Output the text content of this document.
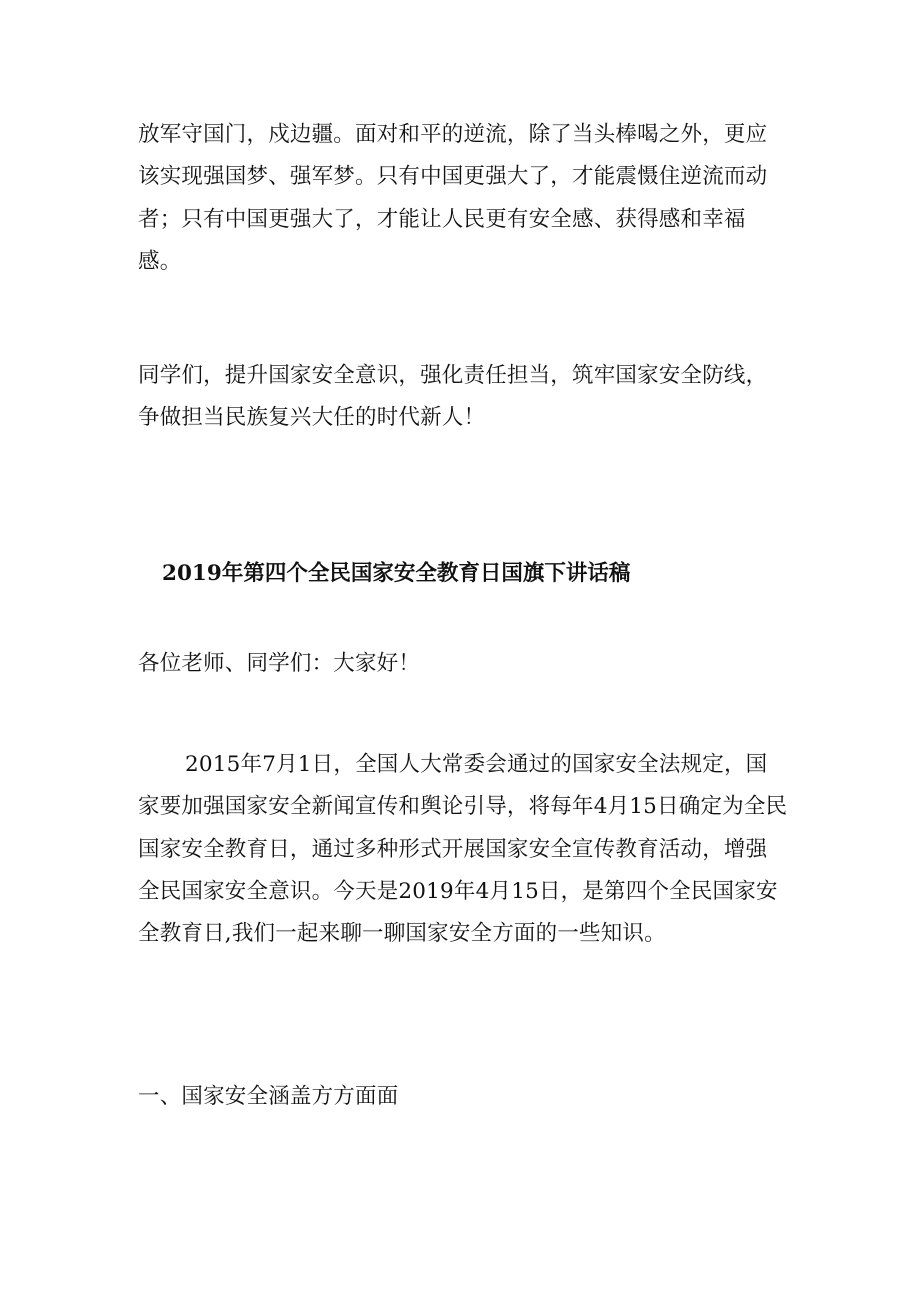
放军守国门，戍边疆。面对和平的逆流，除了当头棒喝之外，更应该实现强国梦、强军梦。只有中国更强大了，才能震慑住逆流而动者；只有中国更强大了，才能让人民更有安全感、获得感和幸福感。

同学们，提升国家安全意识，强化责任担当，筑牢国家安全防线，争做担当民族复兴大任的时代新人！

2019年第四个全民国家安全教育日国旗下讲话稿

各位老师、同学们：大家好！

2015年7月1日，全国人大常委会通过的国家安全法规定，国家要加强国家安全新闻宣传和舆论引导，将每年4月15日确定为全民国家安全教育日，通过多种形式开展国家安全宣传教育活动，增强全民国家安全意识。今天是2019年4月15日，是第四个全民国家安全教育日,我们一起来聊一聊国家安全方面的一些知识。

一、国家安全涵盖方方面面
